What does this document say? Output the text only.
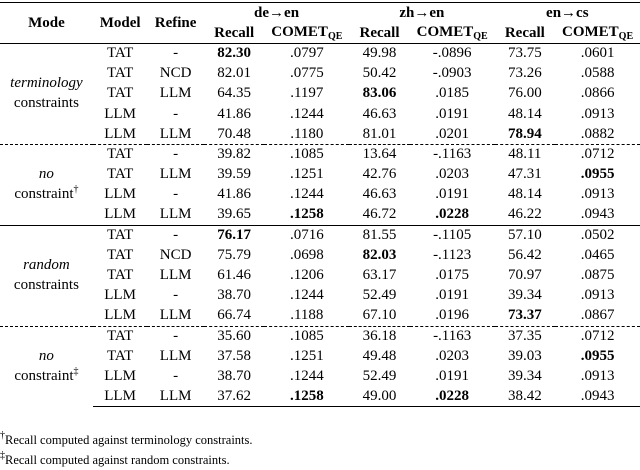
Mode	Model	Refine	de→en		zh→en		en→cs	
			Recall	$COMET_{QE}$	Recall	$COMET_{QE}$	Recall	$COMET_{QE}$
terminology
constraints	TAT	-	82.30	.0797	49.98	-.0896	73.75	.0601
	TAT	NCD	82.01	.0775	50.42	-.0903	73.26	.0588
	TAT	LLM	64.35	.1197	83.06	.0185	76.00	.0866
	LLM	-	41.86	.1244	46.63	.0191	48.14	.0913
	LLM	LLM	70.48	.1180	81.01	.0201	78.94	.0882
no
constraint†	TAT	-	39.82	.1085	13.64	-.1163	48.11	.0712
	TAT	LLM	39.59	.1251	42.76	.0203	47.31	.0955
	LLM	-	41.86	.1244	46.63	.0191	48.14	.0913
	LLM	LLM	39.65	.1258	46.72	.0228	46.22	.0943
random
constraints	TAT	-	76.17	.0716	81.55	-.1105	57.10	.0502
	TAT	NCD	75.79	.0698	82.03	-.1123	56.42	.0465
	TAT	LLM	61.46	.1206	63.17	.0175	70.97	.0875
	LLM	-	38.70	.1244	52.49	.0191	39.34	.0913
	LLM	LLM	66.74	.1188	67.10	.0196	73.37	.0867
no
constraint‡	TAT	-	35.60	.1085	36.18	-.1163	37.35	.0712
	TAT	LLM	37.58	.1251	49.48	.0203	39.03	.0955
	LLM	-	38.70	.1244	52.49	.0191	39.34	.0913
	LLM	LLM	37.62	.1258	49.00	.0228	38.42	.0943
†Recall computed against terminology constraints.
‡Recall computed against random constraints.
